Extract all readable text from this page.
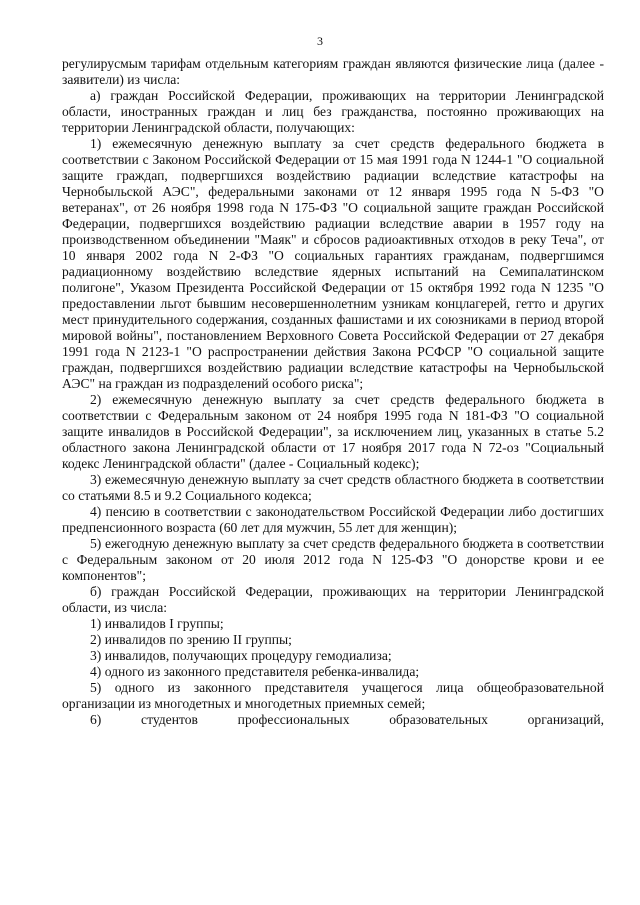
3

регулирусмым тарифам отдельным категориям граждан являются физические лица (далее - заявители) из числа:

а) граждан Российской Федерации, проживающих на территории Ленинградской области, иностранных граждан и лиц без гражданства, постоянно проживающих на территории Ленинградской области, получающих:

1) ежемесячную денежную выплату за счет средств федерального бюджета в соответствии с Законом Российской Федерации от 15 мая 1991 года N 1244-1 "О социальной защите граждап, подвергшихся воздействию радиации вследствие катастрофы на Чернобыльской АЭС", федеральными законами от 12 января 1995 года N 5-ФЗ "О ветеранах", от 26 ноября 1998 года N 175-ФЗ "О социальной защите граждан Российской Федерации, подвергшихся воздействию радиации вследствие аварии в 1957 году на производственном объединении "Маяк" и сбросов радиоактивных отходов в реку Теча", от 10 января 2002 года N 2-ФЗ "О социальных гарантиях гражданам, подвергшимся радиационному воздействию вследствие ядерных испытаний на Семипалатинском полигоне", Указом Президента Российской Федерации от 15 октября 1992 года N 1235 "О предоставлении льгот бывшим несовершеннолетним узникам концлагерей, гетто и других мест принудительного содержания, созданных фашистами и их союзниками в период второй мировой войны", постановлением Верховного Совета Российской Федерации от 27 декабря 1991 года N 2123-1 "О распространении действия Закона РСФСР "О социальной защите граждан, подвергшихся воздействию радиации вследствие катастрофы на Чернобыльской АЭС" на граждан из подразделений особого риска";

2) ежемесячную денежную выплату за счет средств федерального бюджета в соответствии с Федеральным законом от 24 ноября 1995 года N 181-ФЗ "О социальной защите инвалидов в Российской Федерации", за исключением лиц, указанных в статье 5.2 областного закона Ленинградской области от 17 ноября 2017 года N 72-оз "Социальный кодекс Ленинградской области" (далее - Социальный кодекс);

3) ежемесячную денежную выплату за счет средств областного бюджета в соответствии со статьями 8.5 и 9.2 Социального кодекса;

4) пенсию в соответствии с законодательством Российской Федерации либо достигших предпенсионного возраста (60 лет для мужчин, 55 лет для женщин);

5) ежегодную денежную выплату за счет средств федерального бюджета в соответствии с Федеральным законом от 20 июля 2012 года N 125-ФЗ "О донорстве крови и ее компонентов";

б) граждан Российской Федерации, проживающих на территории Ленинградской области, из числа:

1) инвалидов I группы;

2) инвалидов по зрению II группы;

3) инвалидов, получающих процедуру гемодиализа;

4) одного из законного представителя ребенка-инвалида;

5) одного из законного представителя учащегося лица общеобразовательной организации из многодетных и многодетных приемных семей;

6) студентов профессиональных образовательных организаций,
